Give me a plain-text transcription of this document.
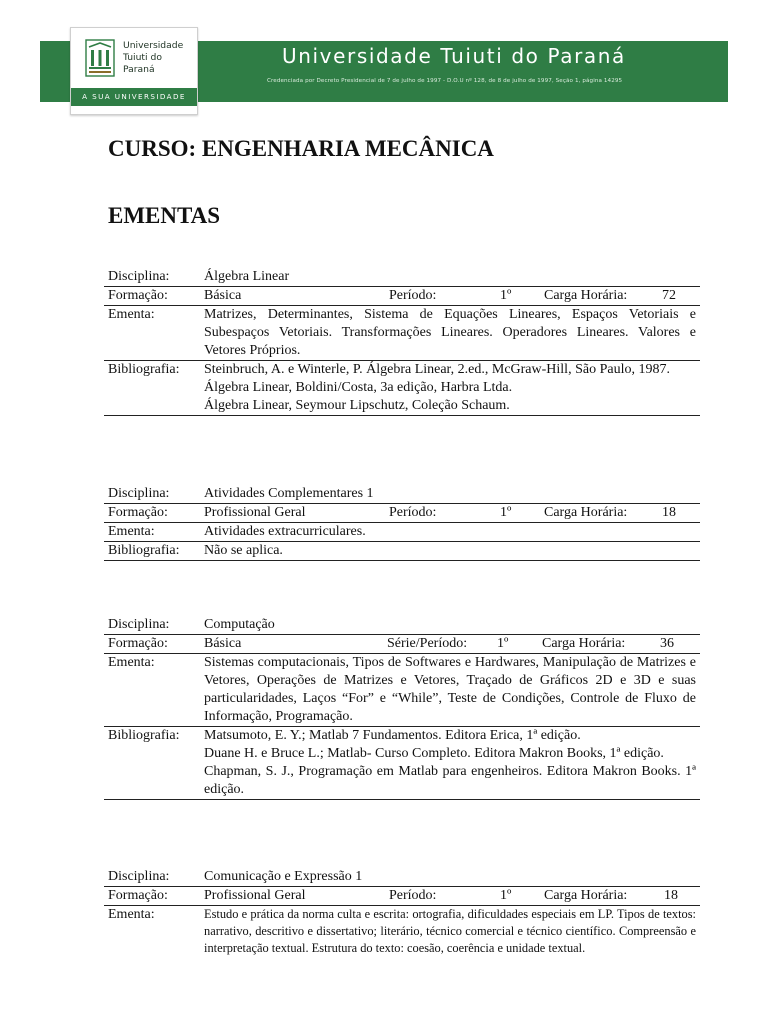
Universidade Tuiuti do Paraná
Credenciada por Decreto Presidencial de 7 de julho de 1997 - D.O.U nº 128, de 8 de julho de 1997, Seção 1, página 14295
Universidade
Tuiuti do
Paraná
A SUA UNIVERSIDADE
CURSO: ENGENHARIA MECÂNICA
EMENTAS
Disciplina:	Álgebra Linear
Formação:	Básica	Período:	1º Carga Horária: 72
Ementa:	Matrizes, Determinantes, Sistema de Equações Lineares, Espaços Vetoriais e Subespaços Vetoriais. Transformações Lineares. Operadores Lineares. Valores e Vetores Próprios.
Bibliografia:	Steinbruch, A. e Winterle, P. Álgebra Linear, 2.ed., McGraw-Hill, São Paulo, 1987.

Álgebra Linear, Boldini/Costa, 3a edição, Harbra Ltda.

Álgebra Linear, Seymour Lipschutz, Coleção Schaum.

Disciplina:	Atividades Complementares 1
Formação:	Profissional Geral	Período:	1º Carga Horária: 18
Ementa:	Atividades extracurriculares.
Bibliografia:	Não se aplica.

Disciplina:	Computação
Formação:	Básica	Série/Período: 1º Carga Horária: 36
Ementa:	Sistemas computacionais, Tipos de Softwares e Hardwares, Manipulação de Matrizes e Vetores, Operações de Matrizes e Vetores, Traçado de Gráficos 2D e 3D e suas particularidades, Laços “For” e “While”, Teste de Condições, Controle de Fluxo de Informação, Programação.
Bibliografia:	Matsumoto, E. Y.; Matlab 7 Fundamentos. Editora Erica, 1ª edição.

Duane H. e Bruce L.; Matlab- Curso Completo. Editora Makron Books, 1ª edição.

Chapman, S. J., Programação em Matlab para engenheiros. Editora Makron Books. 1ª edição.

Disciplina:	Comunicação e Expressão 1
Formação:	Profissional Geral	Período:	1º Carga Horária:	18
Ementa:	Estudo e prática da norma culta e escrita: ortografia, dificuldades especiais em LP. Tipos de textos: narrativo, descritivo e dissertativo; literário, técnico comercial e técnico científico. Compreensão e interpretação textual. Estrutura do texto: coesão, coerência e unidade textual.
